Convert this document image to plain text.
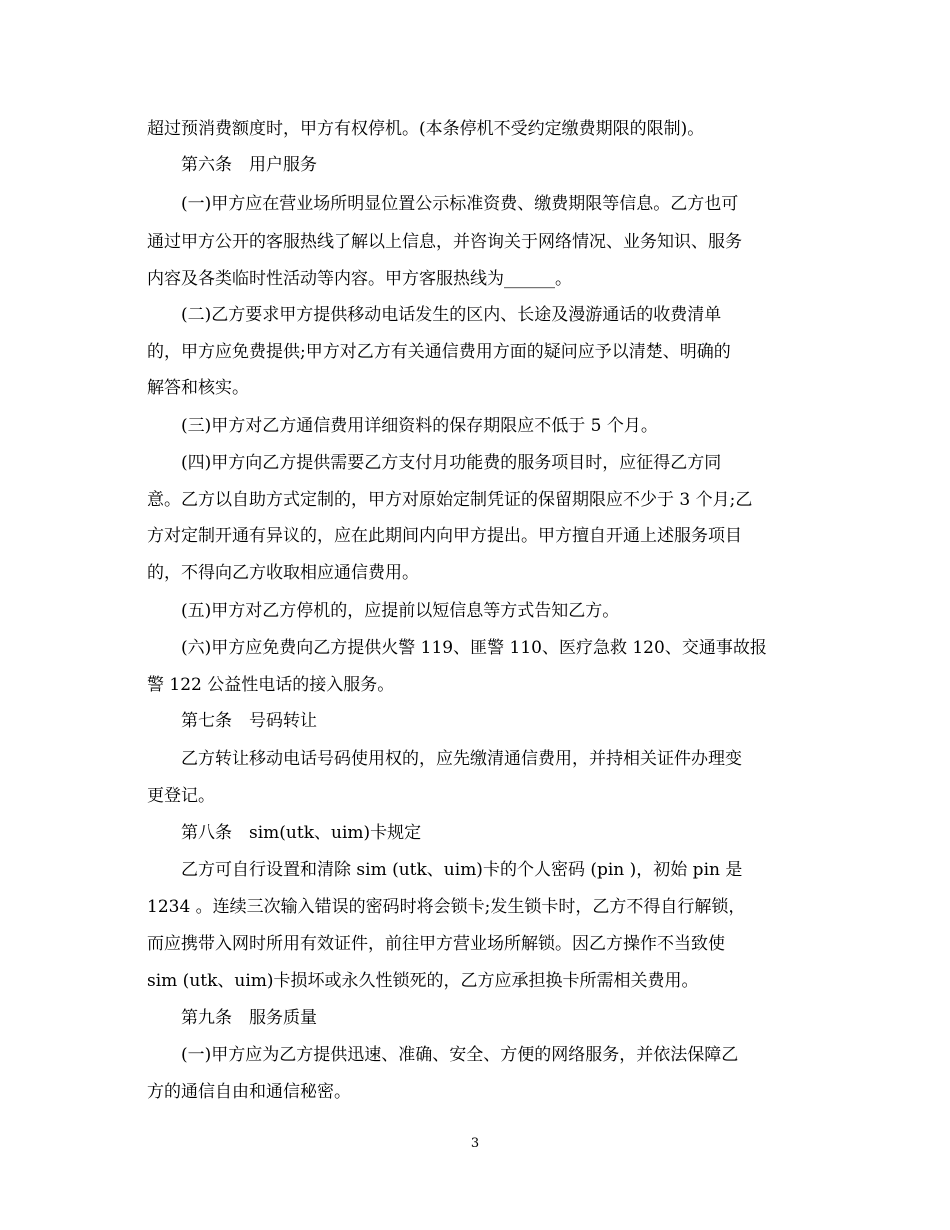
超过预消费额度时，甲方有权停机。(本条停机不受约定缴费期限的限制)。

第六条　用户服务

(一)甲方应在营业场所明显位置公示标准资费、缴费期限等信息。乙方也可

通过甲方公开的客服热线了解以上信息，并咨询关于网络情况、业务知识、服务

内容及各类临时性活动等内容。甲方客服热线为______。

(二)乙方要求甲方提供移动电话发生的区内、长途及漫游通话的收费清单

的，甲方应免费提供;甲方对乙方有关通信费用方面的疑问应予以清楚、明确的

解答和核实。

(三)甲方对乙方通信费用详细资料的保存期限应不低于 5 个月。

(四)甲方向乙方提供需要乙方支付月功能费的服务项目时，应征得乙方同

意。乙方以自助方式定制的，甲方对原始定制凭证的保留期限应不少于 3 个月;乙

方对定制开通有异议的，应在此期间内向甲方提出。甲方擅自开通上述服务项目

的，不得向乙方收取相应通信费用。

(五)甲方对乙方停机的，应提前以短信息等方式告知乙方。

(六)甲方应免费向乙方提供火警 119、匪警 110、医疗急救 120、交通事故报

警 122 公益性电话的接入服务。

第七条　号码转让

乙方转让移动电话号码使用权的，应先缴清通信费用，并持相关证件办理变

更登记。

第八条　sim(utk、uim)卡规定

乙方可自行设置和清除 sim (utk、uim)卡的个人密码 (pin )，初始 pin 是

1234 。连续三次输入错误的密码时将会锁卡;发生锁卡时，乙方不得自行解锁，

而应携带入网时所用有效证件，前往甲方营业场所解锁。因乙方操作不当致使

sim (utk、uim)卡损坏或永久性锁死的，乙方应承担换卡所需相关费用。

第九条　服务质量

(一)甲方应为乙方提供迅速、准确、安全、方便的网络服务，并依法保障乙

方的通信自由和通信秘密。

3
